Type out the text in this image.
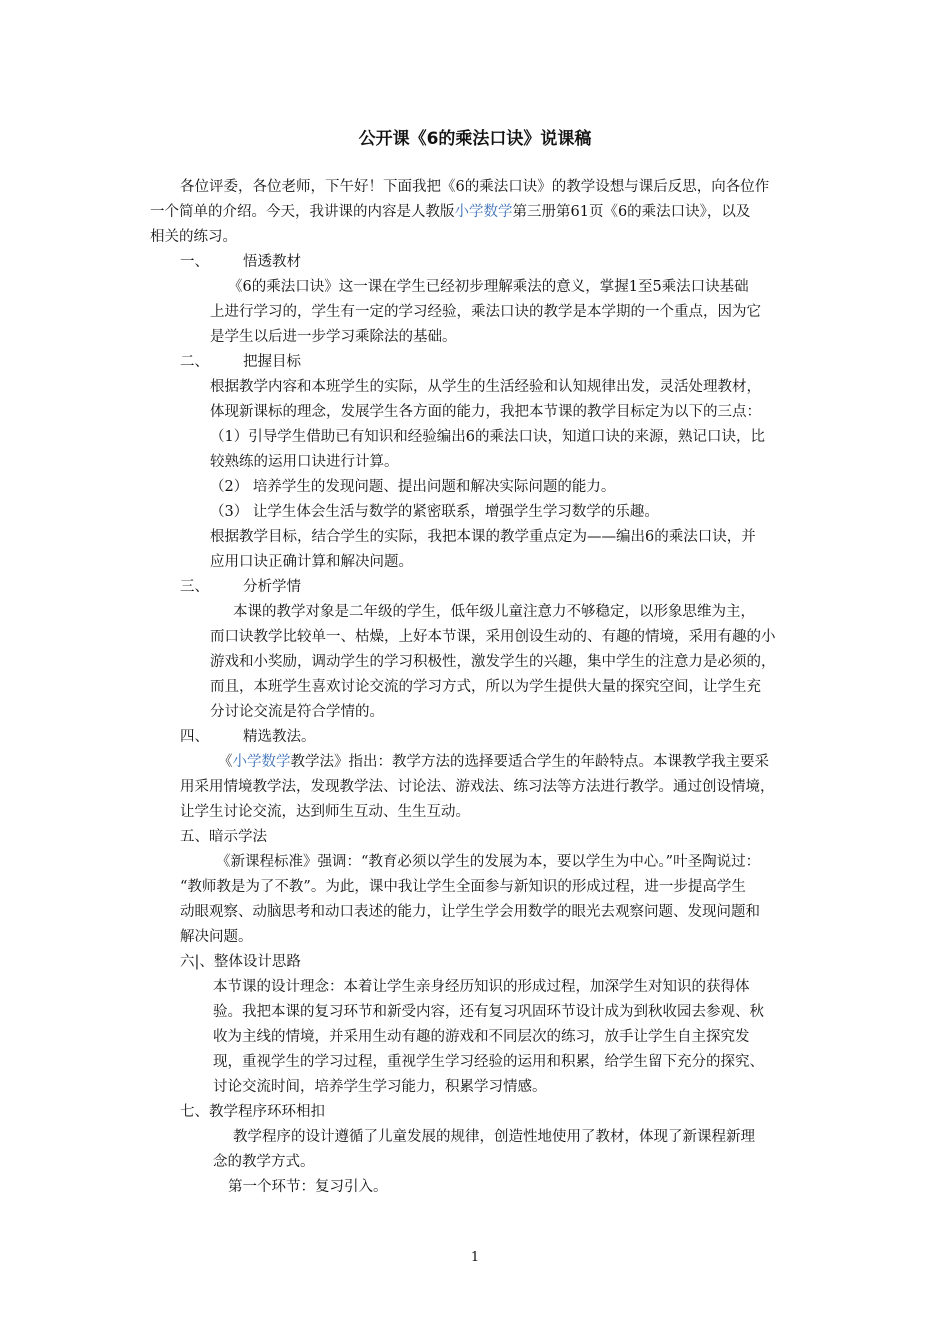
公开课《6的乘法口诀》说课稿
各位评委，各位老师，下午好！下面我把《6的乘法口诀》的教学设想与课后反思，向各位作
一个简单的介绍。今天，我讲课的内容是人教版小学数学第三册第61页《6的乘法口诀》，以及
相关的练习。
一、 悟透教材
《6的乘法口诀》这一课在学生已经初步理解乘法的意义，掌握1至5乘法口诀基础
上进行学习的，学生有一定的学习经验，乘法口诀的教学是本学期的一个重点，因为它
是学生以后进一步学习乘除法的基础。
二、 把握目标
根据教学内容和本班学生的实际，从学生的生活经验和认知规律出发，灵活处理教材，
体现新课标的理念，发展学生各方面的能力，我把本节课的教学目标定为以下的三点：
（1）引导学生借助已有知识和经验编出6的乘法口诀，知道口诀的来源，熟记口诀，比
较熟练的运用口诀进行计算。
（2） 培养学生的发现问题、提出问题和解决实际问题的能力。
（3） 让学生体会生活与数学的紧密联系，增强学生学习数学的乐趣。
根据教学目标，结合学生的实际，我把本课的教学重点定为——编出6的乘法口诀，并
应用口诀正确计算和解决问题。
三、 分析学情
本课的教学对象是二年级的学生，低年级儿童注意力不够稳定，以形象思维为主，
而口诀教学比较单一、枯燥，上好本节课，采用创设生动的、有趣的情境，采用有趣的小
游戏和小奖励，调动学生的学习积极性，激发学生的兴趣，集中学生的注意力是必须的，
而且，本班学生喜欢讨论交流的学习方式，所以为学生提供大量的探究空间，让学生充
分讨论交流是符合学情的。
四、 精选教法。
《小学数学教学法》指出：教学方法的选择要适合学生的年龄特点。本课教学我主要采
用采用情境教学法，发现教学法、讨论法、游戏法、练习法等方法进行教学。通过创设情境，
让学生讨论交流，达到师生互动、生生互动。
五、暗示学法
《新课程标准》强调：“教育必须以学生的发展为本，要以学生为中心。”叶圣陶说过：
“教师教是为了不教”。为此，课中我让学生全面参与新知识的形成过程，进一步提高学生
动眼观察、动脑思考和动口表述的能力，让学生学会用数学的眼光去观察问题、发现问题和
解决问题。
六|、整体设计思路
本节课的设计理念：本着让学生亲身经历知识的形成过程，加深学生对知识的获得体
验。我把本课的复习环节和新受内容，还有复习巩固环节设计成为到秋收园去参观、秋
收为主线的情境，并采用生动有趣的游戏和不同层次的练习，放手让学生自主探究发
现，重视学生的学习过程，重视学生学习经验的运用和积累，给学生留下充分的探究、
讨论交流时间，培养学生学习能力，积累学习情感。
七、教学程序环环相扣
教学程序的设计遵循了儿童发展的规律，创造性地使用了教材，体现了新课程新理
念的教学方式。
第一个环节：复习引入。
1
